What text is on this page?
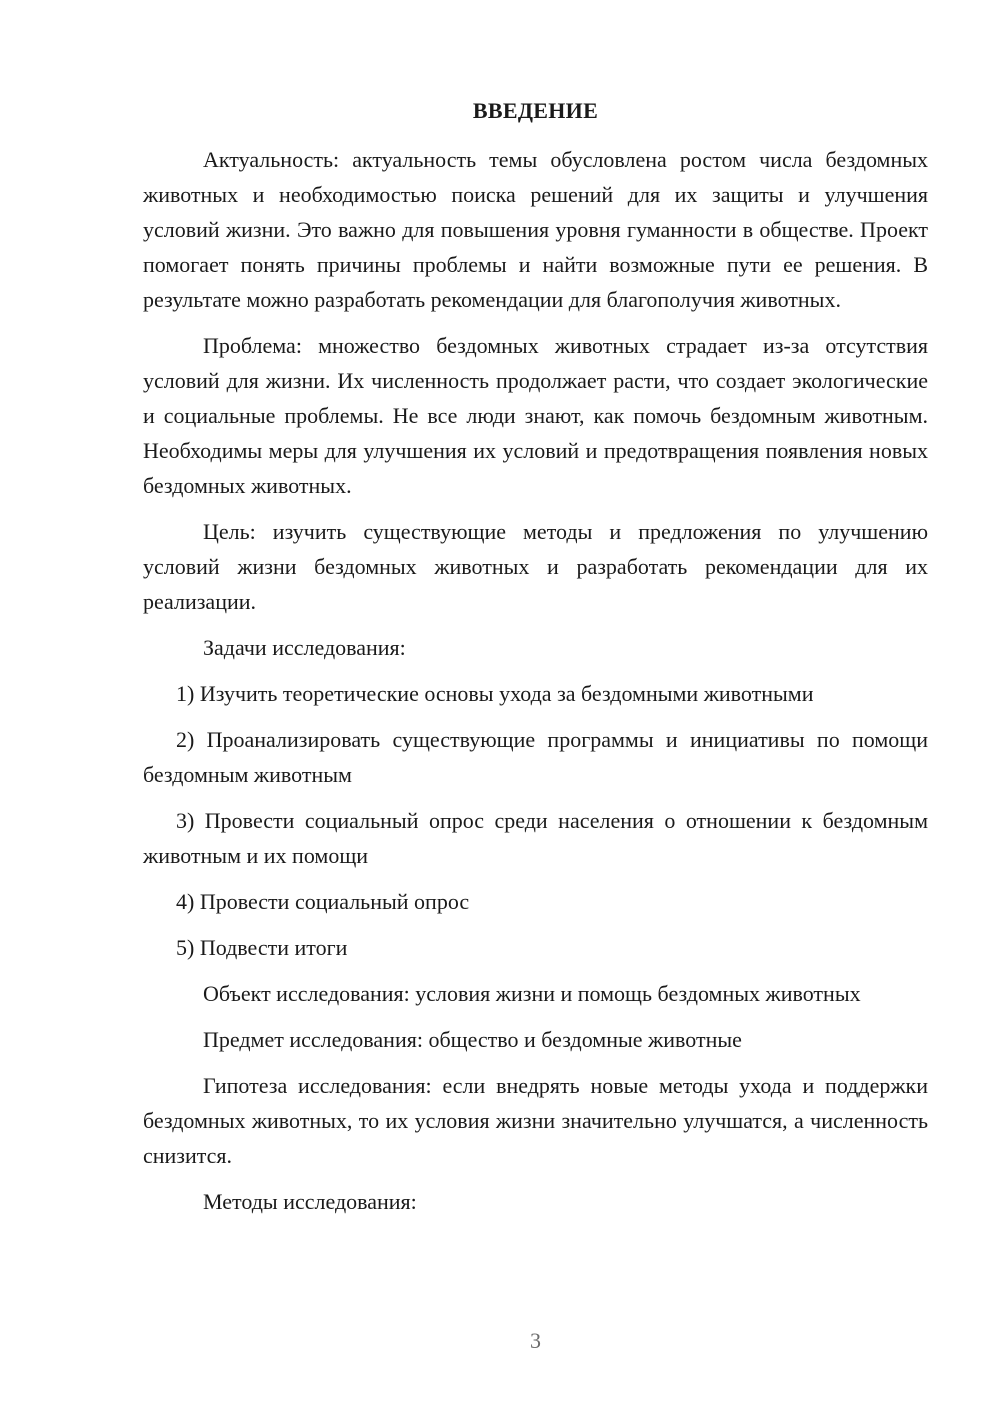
ВВЕДЕНИЕ

Актуальность: актуальность темы обусловлена ростом числа бездомных животных и необходимостью поиска решений для их защиты и улучшения условий жизни. Это важно для повышения уровня гуманности в обществе. Проект помогает понять причины проблемы и найти возможные пути ее решения. В результате можно разработать рекомендации для благополучия животных.

Проблема: множество бездомных животных страдает из-за отсутствия условий для жизни. Их численность продолжает расти, что создает экологические и социальные проблемы. Не все люди знают, как помочь бездомным животным. Необходимы меры для улучшения их условий и предотвращения появления новых бездомных животных.

Цель: изучить существующие методы и предложения по улучшению условий жизни бездомных животных и разработать рекомендации для их реализации.

Задачи исследования:

1) Изучить теоретические основы ухода за бездомными животными

2) Проанализировать существующие программы и инициативы по помощи бездомным животным

3) Провести социальный опрос среди населения о отношении к бездомным животным и их помощи

4) Провести социальный опрос

5) Подвести итоги

Объект исследования: условия жизни и помощь бездомных животных

Предмет исследования: общество и бездомные животные

Гипотеза исследования: если внедрять новые методы ухода и поддержки бездомных животных, то их условия жизни значительно улучшатся, а численность снизится.

Методы исследования:

3
